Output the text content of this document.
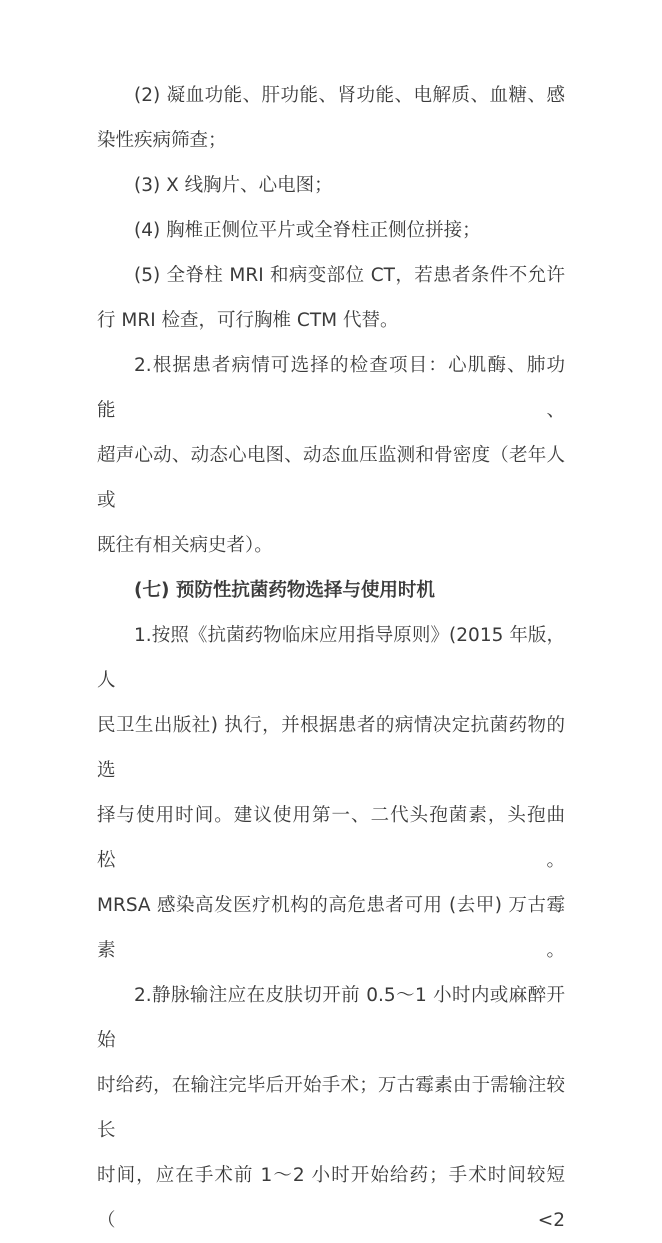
(2) 凝血功能、肝功能、肾功能、电解质、血糖、感
染性疾病筛查；
(3) X 线胸片、心电图；
(4) 胸椎正侧位平片或全脊柱正侧位拼接；
(5) 全脊柱 MRI 和病变部位 CT，若患者条件不允许
行 MRI 检查，可行胸椎 CTM 代替。
2.根据患者病情可选择的检查项目：心肌酶、肺功能、
超声心动、动态心电图、动态血压监测和骨密度（老年人或
既往有相关病史者）。
(七) 预防性抗菌药物选择与使用时机
1.按照《抗菌药物临床应用指导原则》(2015 年版，人
民卫生出版社) 执行，并根据患者的病情决定抗菌药物的选
择与使用时间。建议使用第一、二代头孢菌素，头孢曲松。
MRSA 感染高发医疗机构的高危患者可用 (去甲) 万古霉素。
2.静脉输注应在皮肤切开前 0.5～1 小时内或麻醉开始
时给药，在输注完毕后开始手术；万古霉素由于需输注较长
时间，应在手术前 1～2 小时开始给药；手术时间较短（<2
